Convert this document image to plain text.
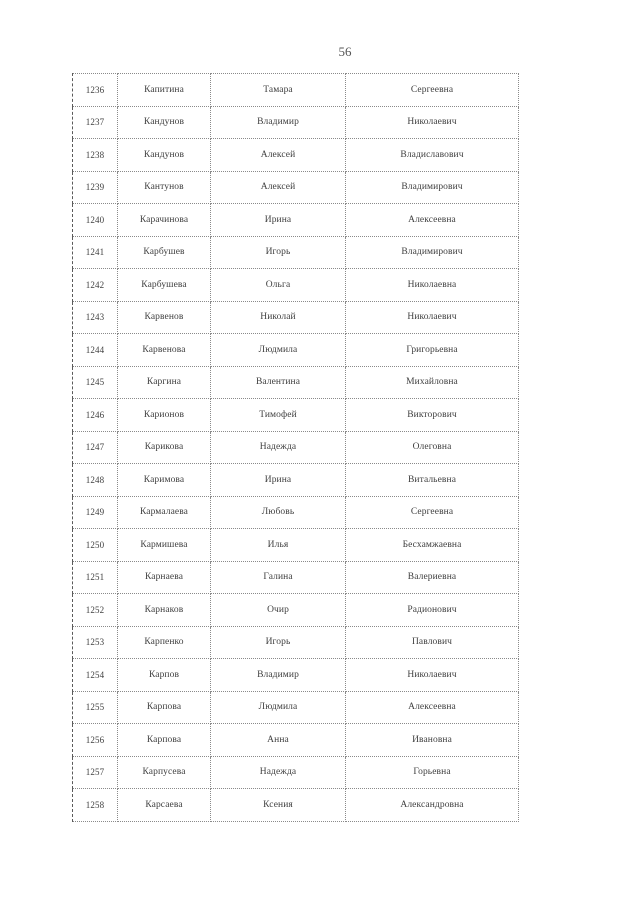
56
1236	Капитина	Тамара	Сергеевна
1237	Кандунов	Владимир	Николаевич
1238	Кандунов	Алексей	Владиславович
1239	Кантунов	Алексей	Владимирович
1240	Карачинова	Ирина	Алексеевна
1241	Карбушев	Игорь	Владимирович
1242	Карбушева	Ольга	Николаевна
1243	Карвенов	Николай	Николаевич
1244	Карвенова	Людмила	Григорьевна
1245	Каргина	Валентина	Михайловна
1246	Карионов	Тимофей	Викторович
1247	Карикова	Надежда	Олеговна
1248	Каримова	Ирина	Витальевна
1249	Кармалаева	Любовь	Сергеевна
1250	Кармишева	Илья	Бесхамжаевна
1251	Карнаева	Галина	Валериевна
1252	Карнаков	Очир	Радионович
1253	Карпенко	Игорь	Павлович
1254	Карпов	Владимир	Николаевич
1255	Карпова	Людмила	Алексеевна
1256	Карпова	Анна	Ивановна
1257	Карпусева	Надежда	Горьевна
1258	Карсаева	Ксения	Александровна
